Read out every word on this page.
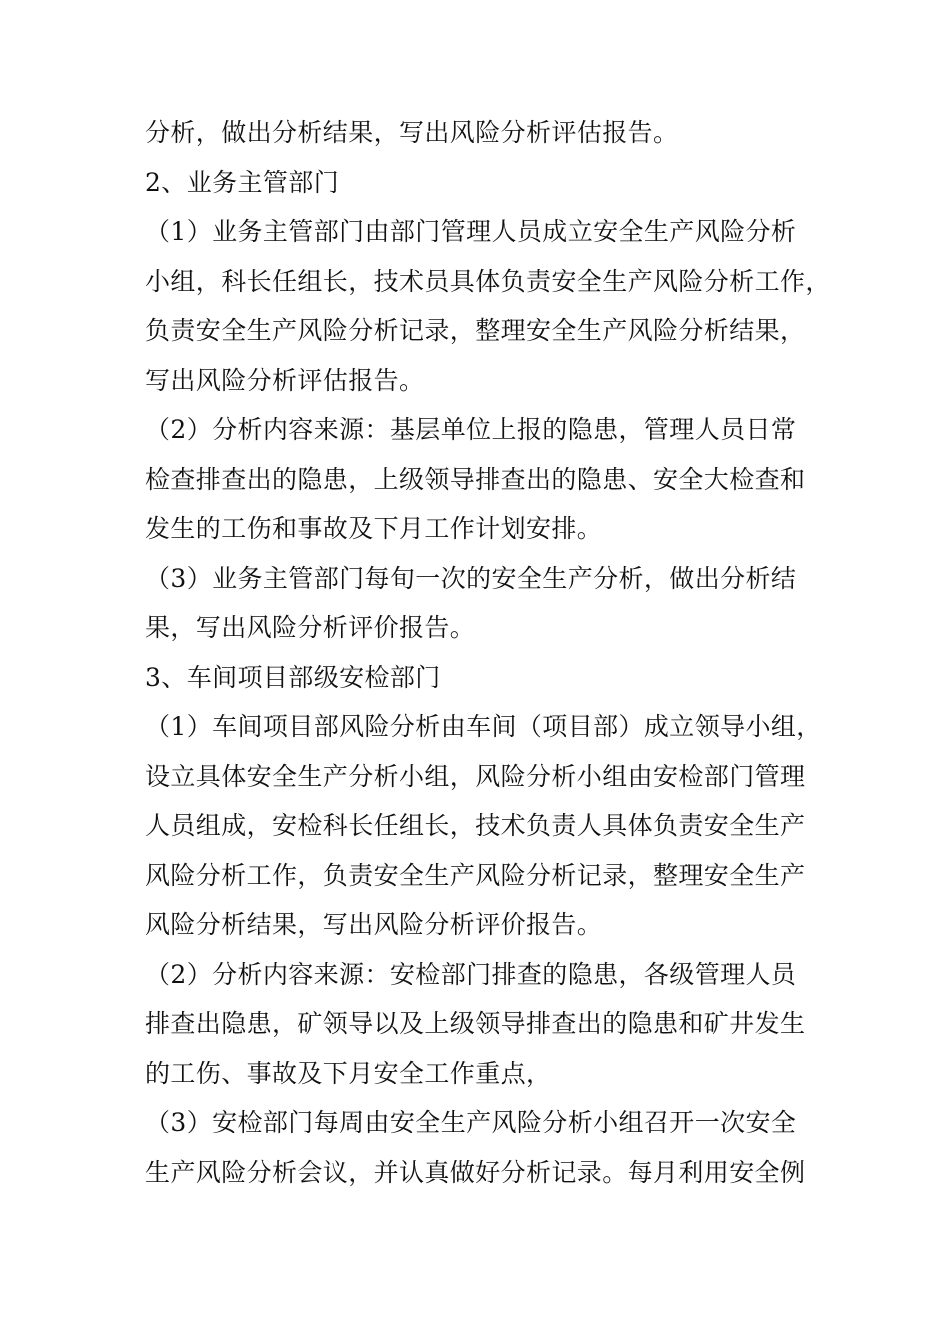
分析，做出分析结果，写出风险分析评估报告。
2、业务主管部门
（1）业务主管部门由部门管理人员成立安全生产风险分析
小组，科长任组长，技术员具体负责安全生产风险分析工作，
负责安全生产风险分析记录，整理安全生产风险分析结果，
写出风险分析评估报告。
（2）分析内容来源：基层单位上报的隐患，管理人员日常
检查排查出的隐患，上级领导排查出的隐患、安全大检查和
发生的工伤和事故及下月工作计划安排。
（3）业务主管部门每旬一次的安全生产分析，做出分析结
果，写出风险分析评价报告。
3、车间项目部级安检部门
（1）车间项目部风险分析由车间（项目部）成立领导小组，
设立具体安全生产分析小组，风险分析小组由安检部门管理
人员组成，安检科长任组长，技术负责人具体负责安全生产
风险分析工作，负责安全生产风险分析记录，整理安全生产
风险分析结果，写出风险分析评价报告。
（2）分析内容来源：安检部门排查的隐患，各级管理人员
排查出隐患，矿领导以及上级领导排查出的隐患和矿井发生
的工伤、事故及下月安全工作重点，
（3）安检部门每周由安全生产风险分析小组召开一次安全
生产风险分析会议，并认真做好分析记录。每月利用安全例
